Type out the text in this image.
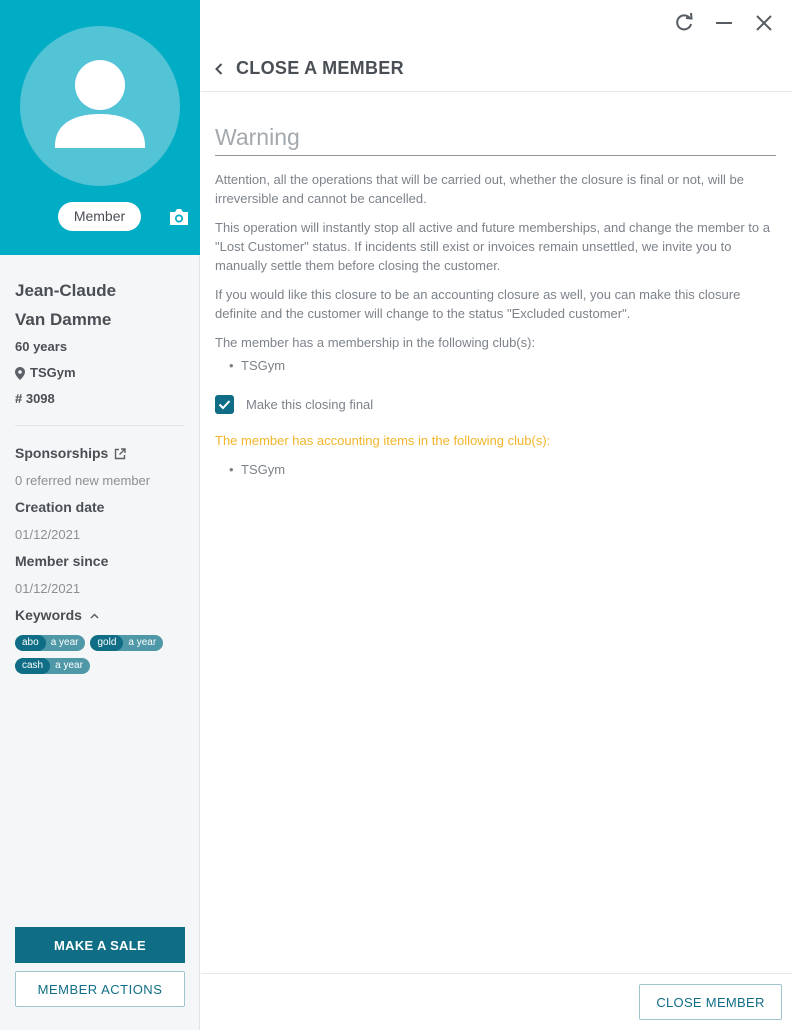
Member
Jean-Claude
Van Damme
60 years
TSGym
# 3098
Sponsorships
0 referred new member
Creation date
01/12/2021
Member since
01/12/2021
Keywords
abo	a year	gold	a year
cash	a year
MAKE A SALE
MEMBER ACTIONS
CLOSE A MEMBER
Warning

Attention, all the operations that will be carried out, whether the closure is final or not, will be irreversible and cannot be cancelled.

This operation will instantly stop all active and future memberships, and change the member to a "Lost Customer" status. If incidents still exist or invoices remain unsettled, we invite you to manually settle them before closing the customer.

If you would like this closure to be an accounting closure as well, you can make this closure definite and the customer will change to the status "Excluded customer".

The member has a membership in the following club(s):

• TSGym
Make this closing final

The member has accounting items in the following club(s):

• TSGym
CLOSE MEMBER
